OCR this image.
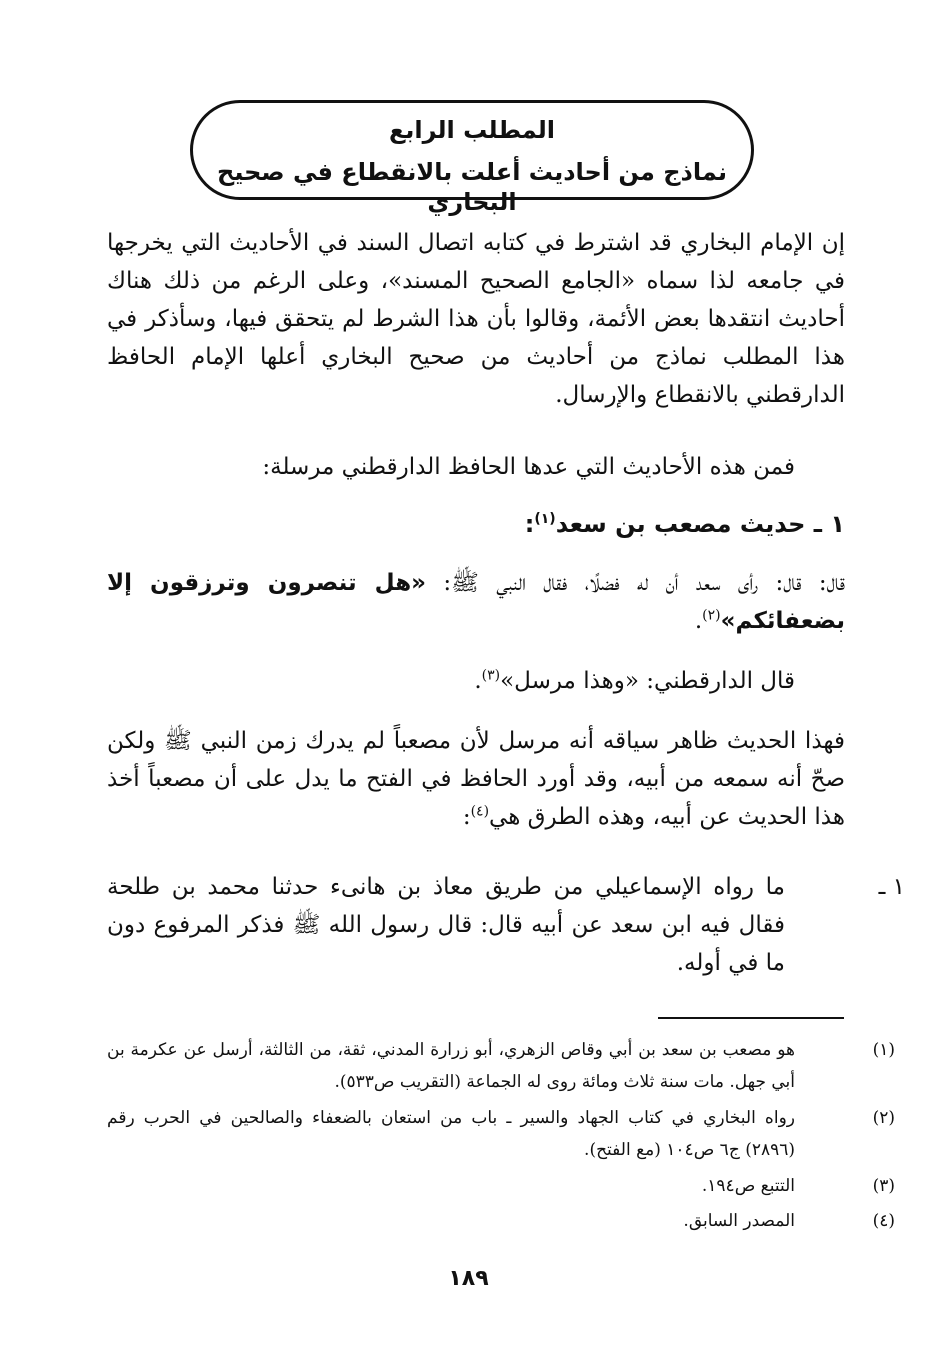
المطلب الرابع
نماذج من أحاديث أعلت بالانقطاع في صحيح البخاري
إن الإمام البخاري قد اشترط في كتابه اتصال السند في الأحاديث التي يخرجها في جامعه لذا سماه «الجامع الصحيح المسند»، وعلى الرغم من ذلك هناك أحاديث انتقدها بعض الأئمة، وقالوا بأن هذا الشرط لم يتحقق فيها، وسأذكر في هذا المطلب نماذج من أحاديث من صحيح البخاري أعلها الإمام الحافظ الدارقطني بالانقطاع والإرسال.
فمن هذه الأحاديث التي عدها الحافظ الدارقطني مرسلة:
١ ـ حديث مصعب بن سعد$^{(١)}$:
قال: قال: رأى سعد أن له فضلًا، فقال النبي ﷺ: «هل تنصرون وترزقون إلا بضعفائكم»$^{(٢)}$.
قال الدارقطني: «وهذا مرسل»$^{(٣)}$.
فهذا الحديث ظاهر سياقه أنه مرسل لأن مصعباً لم يدرك زمن النبي ﷺ ولكن صحّ أنه سمعه من أبيه، وقد أورد الحافظ في الفتح ما يدل على أن مصعباً أخذ هذا الحديث عن أبيه، وهذه الطرق هي$^{(٤)}$:
١ ـما رواه الإسماعيلي من طريق معاذ بن هانىء حدثنا محمد بن طلحة فقال فيه ابن سعد عن أبيه قال: قال رسول الله ﷺ فذكر المرفوع دون ما في أوله.
(١)هو مصعب بن سعد بن أبي وقاص الزهري، أبو زرارة المدني، ثقة، من الثالثة، أرسل عن عكرمة بن أبي جهل. مات سنة ثلاث ومائة روى له الجماعة (التقريب ص٥٣٣).
(٢)رواه البخاري في كتاب الجهاد والسير ـ باب من استعان بالضعفاء والصالحين في الحرب رقم (٢٨٩٦) ج٦ ص١٠٤ (مع الفتح).
(٣)التتبع ص١٩٤.
(٤)المصدر السابق.
١٨٩
